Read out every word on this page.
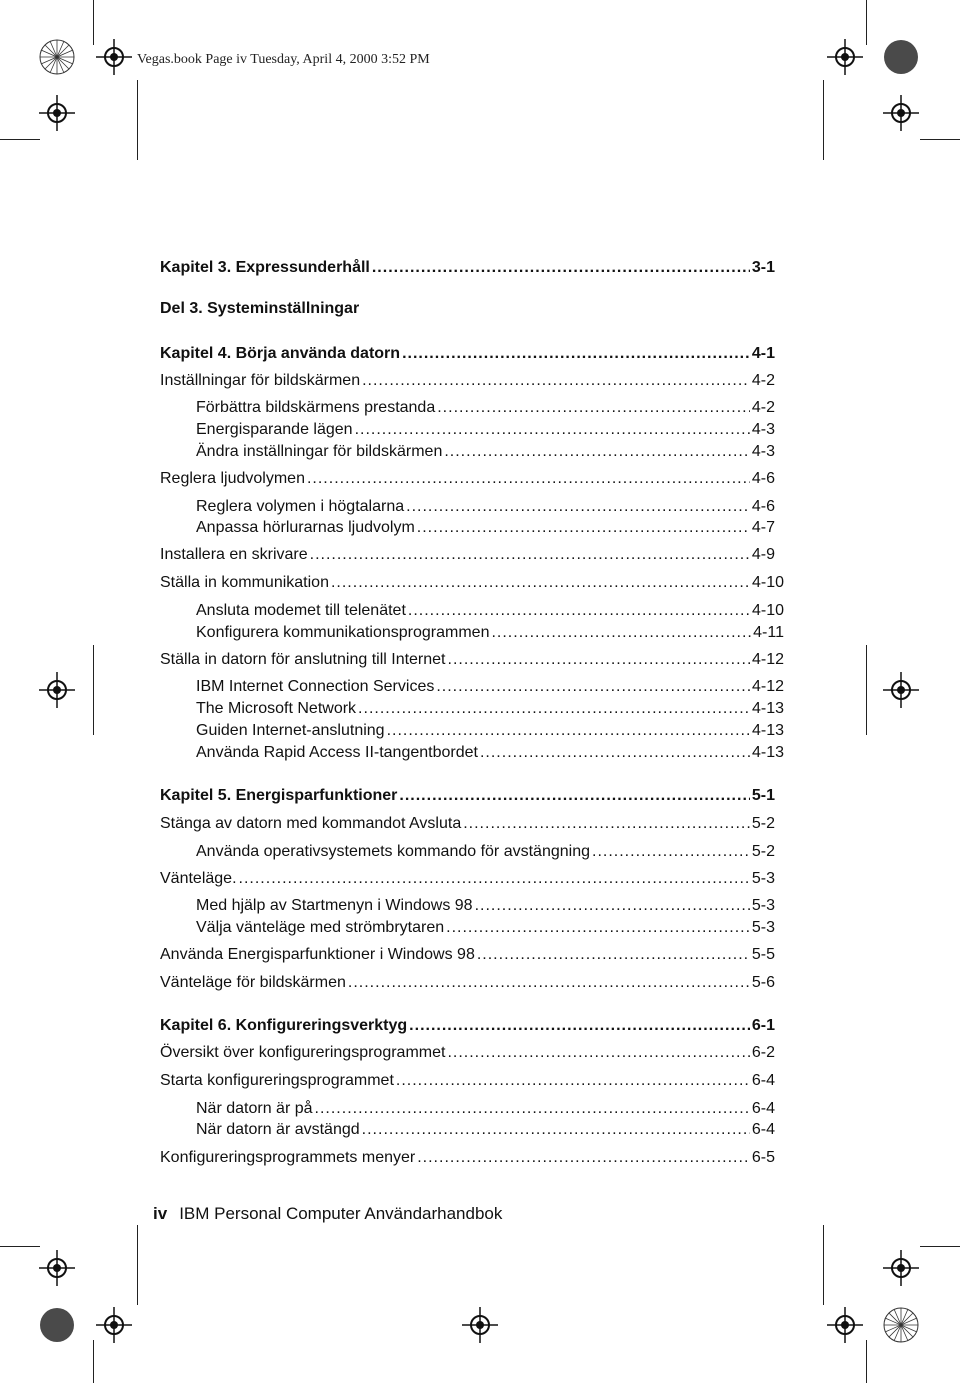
Vegas.book Page iv Tuesday, April 4, 2000 3:52 PM
Kapitel 3. Expressunderhåll .....	3-1
Del 3. Systeminställningar
Kapitel 4. Börja använda datorn .....	4-1
Inställningar för bildskärmen .....	4-2
Förbättra bildskärmens prestanda .....	4-2
Energisparande lägen .....	4-3
Ändra inställningar för bildskärmen .....	4-3
Reglera ljudvolymen .....	4-6
Reglera volymen i högtalarna .....	4-6
Anpassa hörlurarnas ljudvolym .....	4-7
Installera en skrivare .....	4-9
Ställa in kommunikation .....	4-10
Ansluta modemet till telenätet .....	4-10
Konfigurera kommunikationsprogrammen .....	4-11
Ställa in datorn för anslutning till Internet .....	4-12
IBM Internet Connection Services .....	4-12
The Microsoft Network .....	4-13
Guiden Internet-anslutning .....	4-13
Använda Rapid Access II-tangentbordet .....	4-13
Kapitel 5. Energisparfunktioner .....	5-1
Stänga av datorn med kommandot Avsluta .....	5-2
Använda operativsystemets kommando för avstängning .....	5-2
Vänteläge. .....	5-3
Med hjälp av Startmenyn i Windows 98 .....	5-3
Välja vänteläge med strömbrytaren .....	5-3
Använda Energisparfunktioner i Windows 98 .....	5-5
Vänteläge för bildskärmen .....	5-6
Kapitel 6. Konfigureringsverktyg .....	6-1
Översikt över konfigureringsprogrammet .....	6-2
Starta konfigureringsprogrammet .....	6-4
När datorn är på .....	6-4
När datorn är avstängd .....	6-4
Konfigureringsprogrammets menyer .....	6-5
iv IBM Personal Computer Användarhandbok
